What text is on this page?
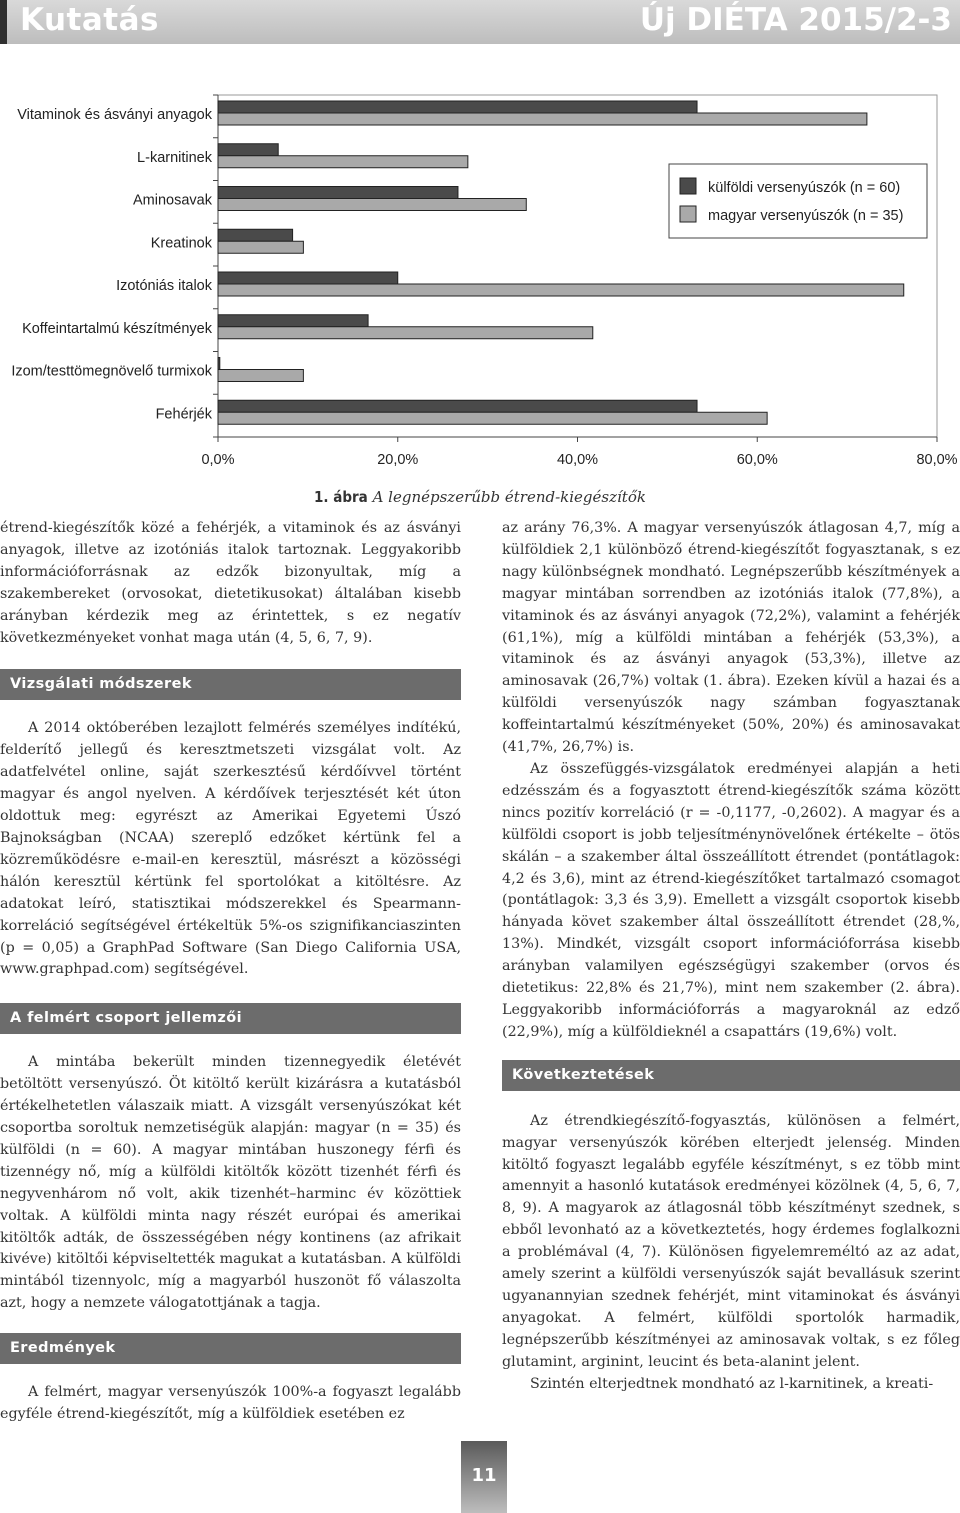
Kutatás	Új DIÉTA 2015/2-3
Vitaminok és ásványi anyagok
L-karnitinek
Aminosavak
Kreatinok
Izotóniás italok
Koffeintartalmú készítmények
Izom/testtömegnövelő turmixok
Fehérjék
0,0%	20,0%	40,0%	60,0%	80,0%
külföldi versenyúszók (n = 60)
magyar versenyúszók (n = 35)
1. ábra A legnépszerűbb étrend-kiegészítők

étrend-kiegészítők közé a fehérjék, a vitaminok és az ásványi anyagok, illetve az izotóniás italok tartoznak. Leggyakoribb információforrásnak az edzők bizonyultak, míg a szakembereket (orvosokat, dietetikusokat) általában kisebb arányban kérdezik meg az érintettek, s ez negatív következményeket vonhat maga után (4, 5, 6, 7, 9).

Vizsgálati módszerek

A 2014 októberében lezajlott felmérés személyes indítékú, felderítő jellegű és keresztmetszeti vizsgálat volt. Az adatfelvétel online, saját szerkesztésű kérdőívvel történt magyar és angol nyelven. A kérdőívek terjesztését két úton oldottuk meg: egyrészt az Amerikai Egyetemi Úszó Bajnokságban (NCAA) szereplő edzőket kértünk fel a közreműködésre e-mail-en keresztül, másrészt a közösségi hálón keresztül kértünk fel sportolókat a kitöltésre. Az adatokat leíró, statisztikai módszerekkel és Spearmann-korreláció segítségével értékeltük 5%-os szignifikanciaszinten (p = 0,05) a GraphPad Software (San Diego California USA, www.graphpad.com) segítségével.

A felmért csoport jellemzői

A mintába bekerült minden tizennegyedik életévét betöltött versenyúszó. Öt kitöltő került kizárásra a kutatásból értékelhetetlen válaszaik miatt. A vizsgált versenyúszókat két csoportba soroltuk nemzetiségük alapján: magyar (n = 35) és külföldi (n = 60). A magyar mintában huszonegy férfi és tizennégy nő, míg a külföldi kitöltők között tizenhét férfi és negyvenhárom nő volt, akik tizenhét–harminc év közöttiek voltak. A külföldi minta nagy részét európai és amerikai kitöltők adták, de összességében négy kontinens (az afrikait kivéve) kitöltői képviseltették magukat a kutatásban. A külföldi mintából tizennyolc, míg a magyarból huszonöt fő válaszolta azt, hogy a nemzete válogatottjának a tagja.

Eredmények

A felmért, magyar versenyúszók 100%-a fogyaszt legalább egyféle étrend-kiegészítőt, míg a külföldiek esetében ez

az arány 76,3%. A magyar versenyúszók átlagosan 4,7, míg a külföldiek 2,1 különböző étrend-kiegészítőt fogyasztanak, s ez nagy különbségnek mondható. Legnépszerűbb készítmények a magyar mintában sorrendben az izotóniás italok (77,8%), a vitaminok és az ásványi anyagok (72,2%), valamint a fehérjék (61,1%), míg a külföldi mintában a fehérjék (53,3%), a vitaminok és az ásványi anyagok (53,3%), illetve az aminosavak (26,7%) voltak (1. ábra). Ezeken kívül a hazai és a külföldi versenyúszók nagy számban fogyasztanak koffeintartalmú készítményeket (50%, 20%) és aminosavakat (41,7%, 26,7%) is.

Az összefüggés-vizsgálatok eredményei alapján a heti edzésszám és a fogyasztott étrend-kiegészítők száma között nincs pozitív korreláció (r = -0,1177, -0,2602). A magyar és a külföldi csoport is jobb teljesítménynövelőnek értékelte – ötös skálán – a szakember által összeállított étrendet (pontátlagok: 4,2 és 3,6), mint az étrend-kiegészítőket tartalmazó csomagot (pontátlagok: 3,3 és 3,9). Emellett a vizsgált csoportok kisebb hányada követ szakember által összeállított étrendet (28,%, 13%). Mindkét, vizsgált csoport információforrása kisebb arányban valamilyen egészségügyi szakember (orvos és dietetikus: 22,8% és 21,7%), mint nem szakember (2. ábra). Leggyakoribb információforrás a magyaroknál az edző (22,9%), míg a külföldieknél a csapattárs (19,6%) volt.

Következtetések

Az étrendkiegészítő-fogyasztás, különösen a felmért, magyar versenyúszók körében elterjedt jelenség. Minden kitöltő fogyaszt legalább egyféle készítményt, s ez több mint amennyit a hasonló kutatások eredményei közölnek (4, 5, 6, 7, 8, 9). A magyarok az átlagosnál több készítményt szednek, s ebből levonható az a következtetés, hogy érdemes foglalkozni a problémával (4, 7). Különösen figyelemreméltó az az adat, amely szerint a külföldi versenyúszók saját bevallásuk szerint ugyanannyian szednek fehérjét, mint vitaminokat és ásványi anyagokat. A felmért, külföldi sportolók harmadik, legnépszerűbb készítményei az aminosavak voltak, s ez főleg glutamint, arginint, leucint és beta-alanint jelent.

Szintén elterjedtnek mondható az l-karnitinek, a kreati-

11
